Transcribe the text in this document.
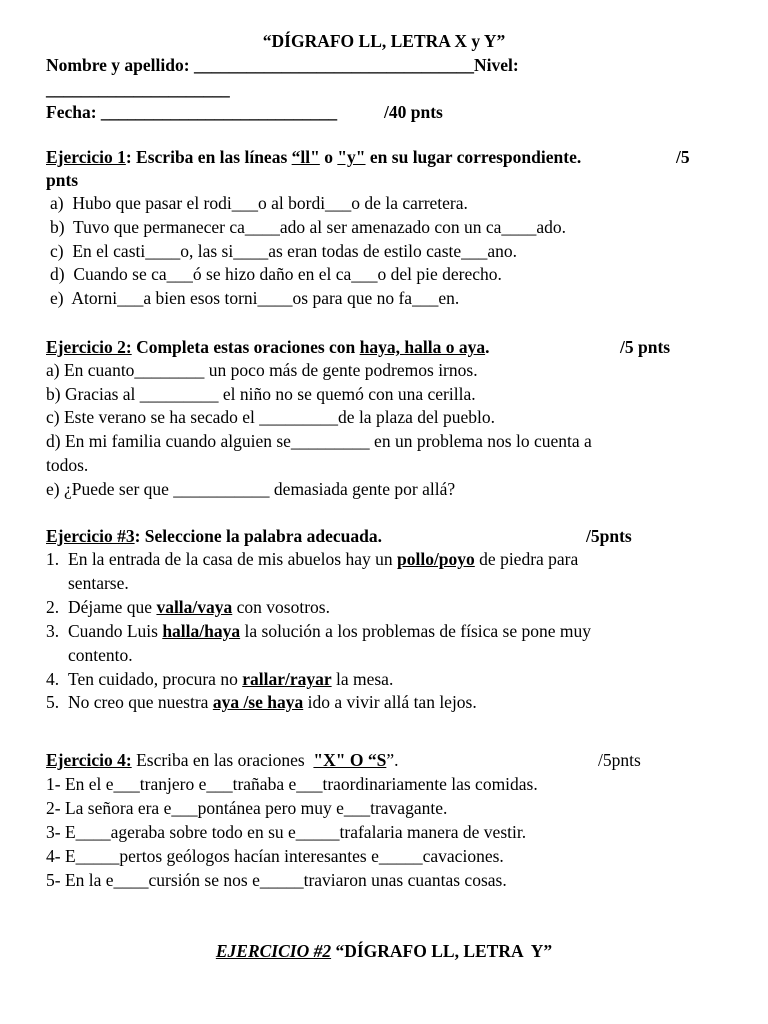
“DÍGRAFO LL, LETRA X y Y”
Nombre y apellido: ________________________________Nivel:
_____________________
Fecha: ___________________________	/40 pnts
Ejercicio 1: Escriba en las líneas “ll" o "y" en su lugar correspondiente.	/5
pnts
a)  Hubo que pasar el rodi___o al bordi___o de la carretera.
b)  Tuvo que permanecer ca____ado al ser amenazado con un ca____ado.
c)  En el casti____o, las si____as eran todas de estilo caste___ano.
d)  Cuando se ca___ó se hizo daño en el ca___o del pie derecho.
e)  Atorni___a bien esos torni____os para que no fa___en.
Ejercicio 2: Completa estas oraciones con haya, halla o aya.	/5 pnts
a) En cuanto________ un poco más de gente podremos irnos.
b) Gracias al _________ el niño no se quemó con una cerilla.
c) Este verano se ha secado el _________de la plaza del pueblo.
d) En mi familia cuando alguien se_________ en un problema nos lo cuenta a
todos.
e) ¿Puede ser que ___________ demasiada gente por allá?
Ejercicio #3: Seleccione la palabra adecuada.	/5pnts
1. En la entrada de la casa de mis abuelos hay un pollo/poyo de piedra para
sentarse.
2. Déjame que valla/vaya con vosotros.
3. Cuando Luis halla/haya la solución a los problemas de física se pone muy
contento.
4. Ten cuidado, procura no rallar/rayar la mesa.
5. No creo que nuestra aya /se haya ido a vivir allá tan lejos.
Ejercicio 4: Escriba en las oraciones  "X" O “S”.	/5pnts
1- En el e___tranjero e___trañaba e___traordinariamente las comidas.
2- La señora era e___pontánea pero muy e___travagante.
3- E____ageraba sobre todo en su e_____trafalaria manera de vestir.
4- E_____pertos geólogos hacían interesantes e_____cavaciones.
5- En la e____cursión se nos e_____traviaron unas cuantas cosas.
EJERCICIO #2 “DÍGRAFO LL, LETRA  Y”
